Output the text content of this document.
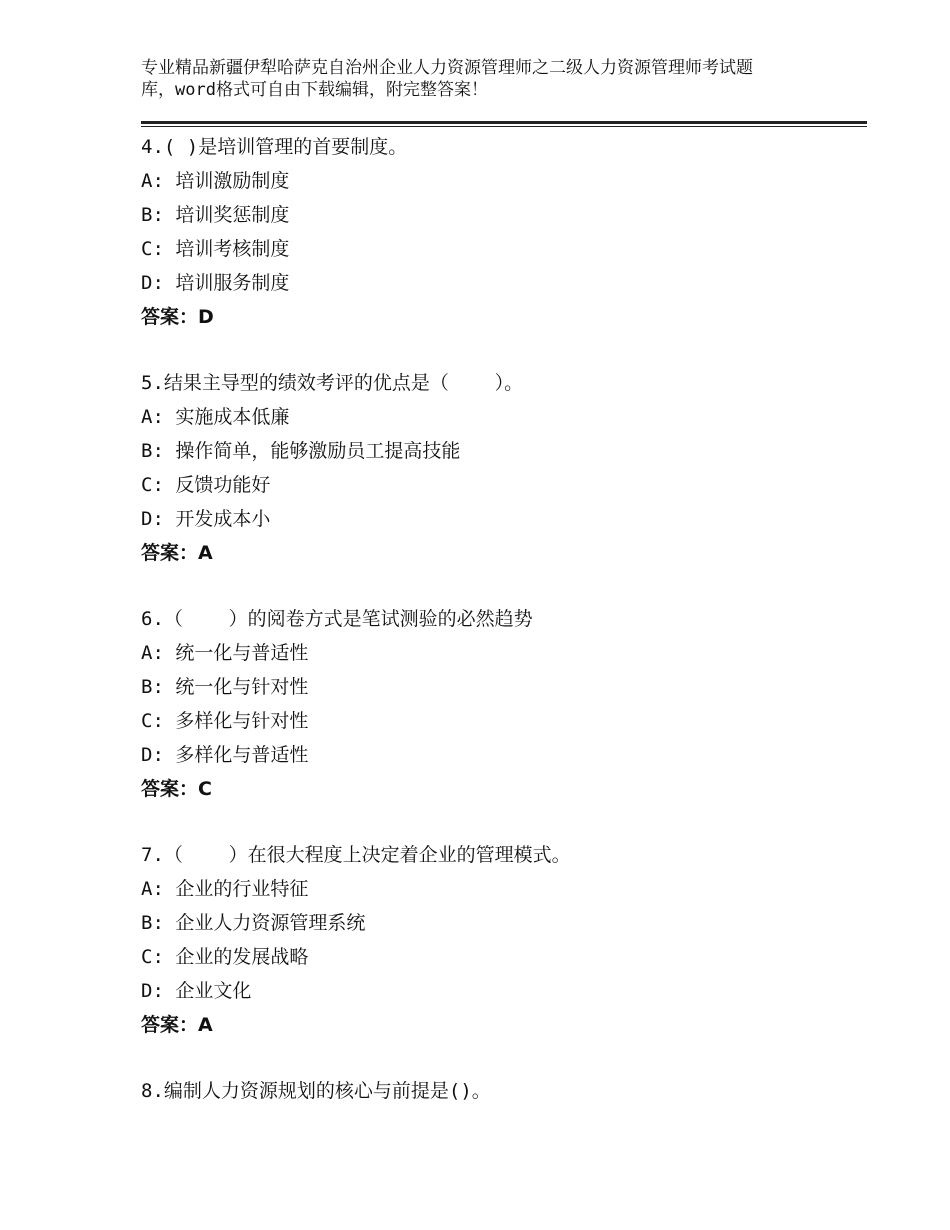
专业精品新疆伊犁哈萨克自治州企业人力资源管理师之二级人力资源管理师考试题
库，word格式可自由下载编辑，附完整答案！
4.( )是培训管理的首要制度。
A: 培训激励制度
B: 培训奖惩制度
C: 培训考核制度
D: 培训服务制度
答案：D
5.结果主导型的绩效考评的优点是（    ）。
A: 实施成本低廉
B: 操作简单，能够激励员工提高技能
C: 反馈功能好
D: 开发成本小
答案：A
6.（    ）的阅卷方式是笔试测验的必然趋势
A: 统一化与普适性
B: 统一化与针对性
C: 多样化与针对性
D: 多样化与普适性
答案：C
7.（    ）在很大程度上决定着企业的管理模式。
A: 企业的行业特征
B: 企业人力资源管理系统
C: 企业的发展战略
D: 企业文化
答案：A
8.编制人力资源规划的核心与前提是()。
